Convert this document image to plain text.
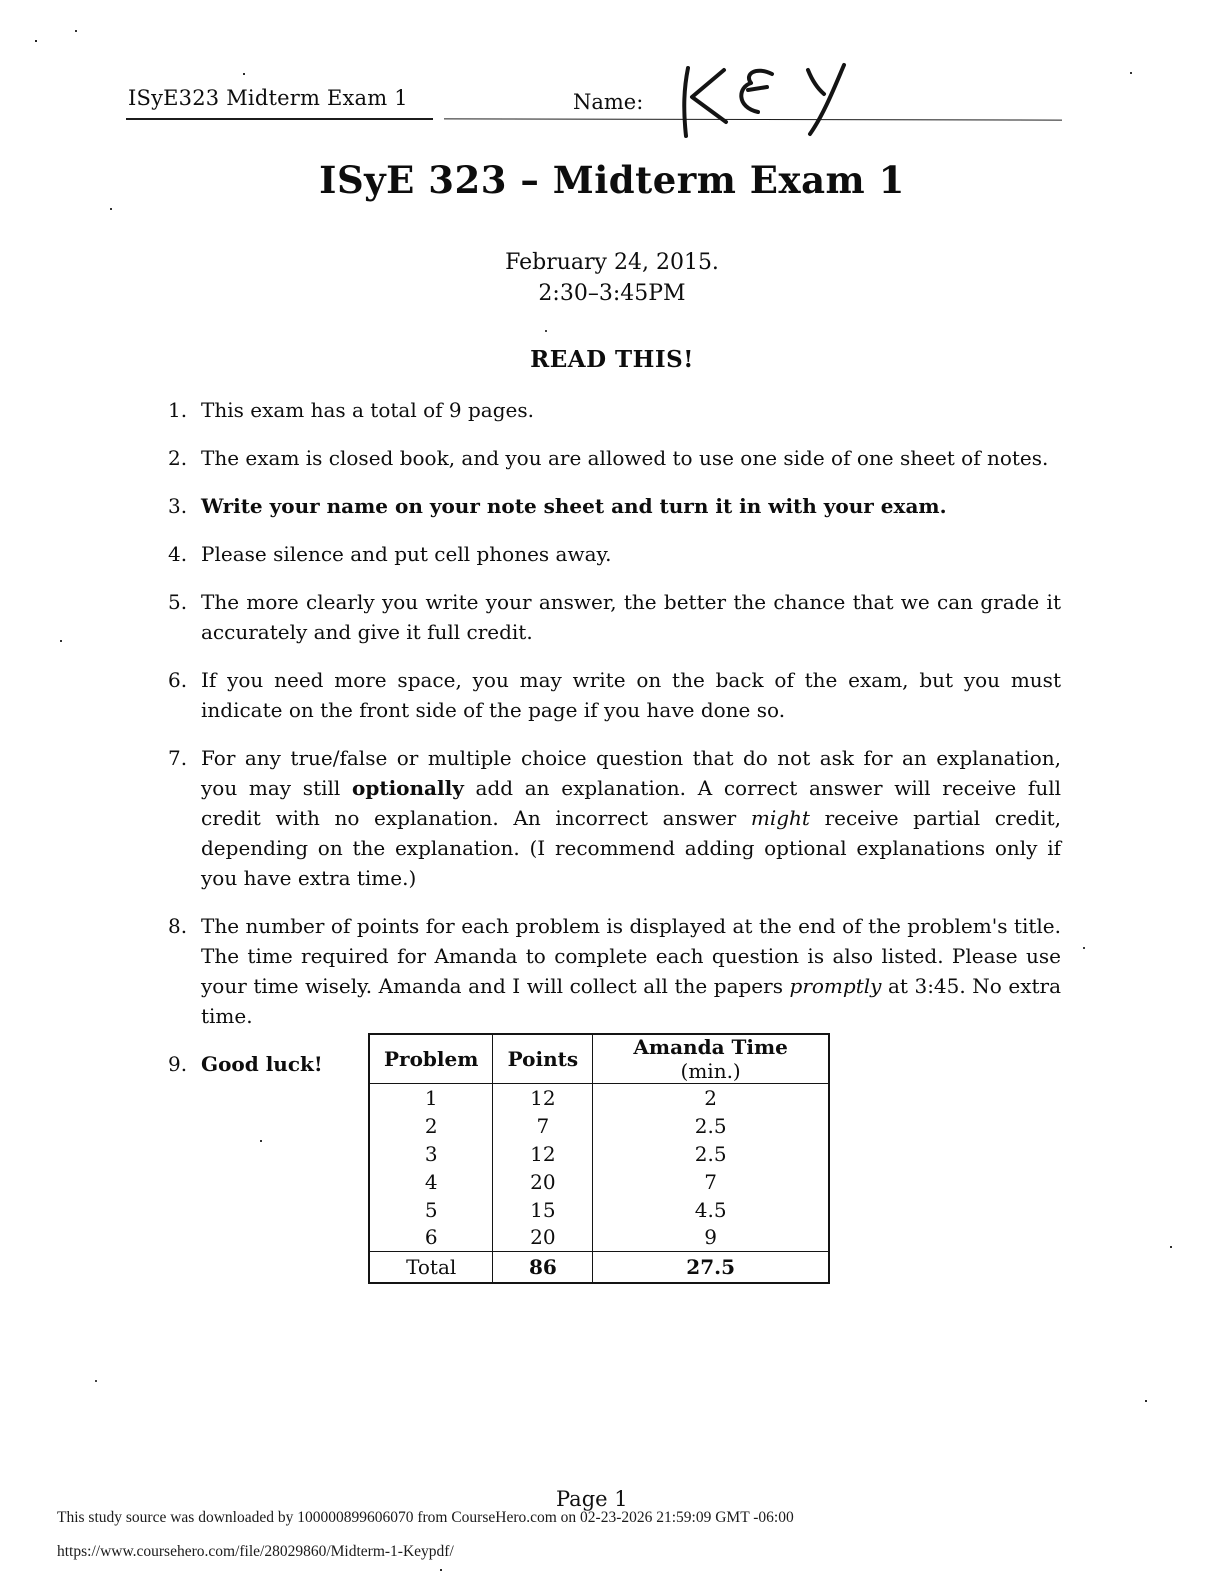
ISyE323 Midterm Exam 1	Name:
ISyE 323 – Midterm Exam 1
February 24, 2015.
2:30–3:45PM
READ THIS!
1. This exam has a total of 9 pages.
2. The exam is closed book, and you are allowed to use one side of one sheet of notes.
3. Write your name on your note sheet and turn it in with your exam.
4. Please silence and put cell phones away.
5. The more clearly you write your answer, the better the chance that we can grade it accurately and give it full credit.
6. If you need more space, you may write on the back of the exam, but you must indicate on the front side of the page if you have done so.
7. For any true/false or multiple choice question that do not ask for an explanation, you may still optionally add an explanation. A correct answer will receive full credit with no explanation. An incorrect answer might receive partial credit, depending on the explanation. (I recommend adding optional explanations only if you have extra time.)
8. The number of points for each problem is displayed at the end of the problem's title. The time required for Amanda to complete each question is also listed. Please use your time wisely. Amanda and I will collect all the papers promptly at 3:45. No extra time.
9. Good luck!	Problem	Points	Amanda Time (min.)
1	12	2
2	7	2.5
3	12	2.5
4	20	7
5	15	4.5
6	20	9
Total	86	27.5
This study source was downloaded by 100000899606070 from CourseHero.com on 02-23-2026 21:59:09 GMT -06:00
Page 1
https://www.coursehero.com/file/28029860/Midterm-1-Keypdf/
